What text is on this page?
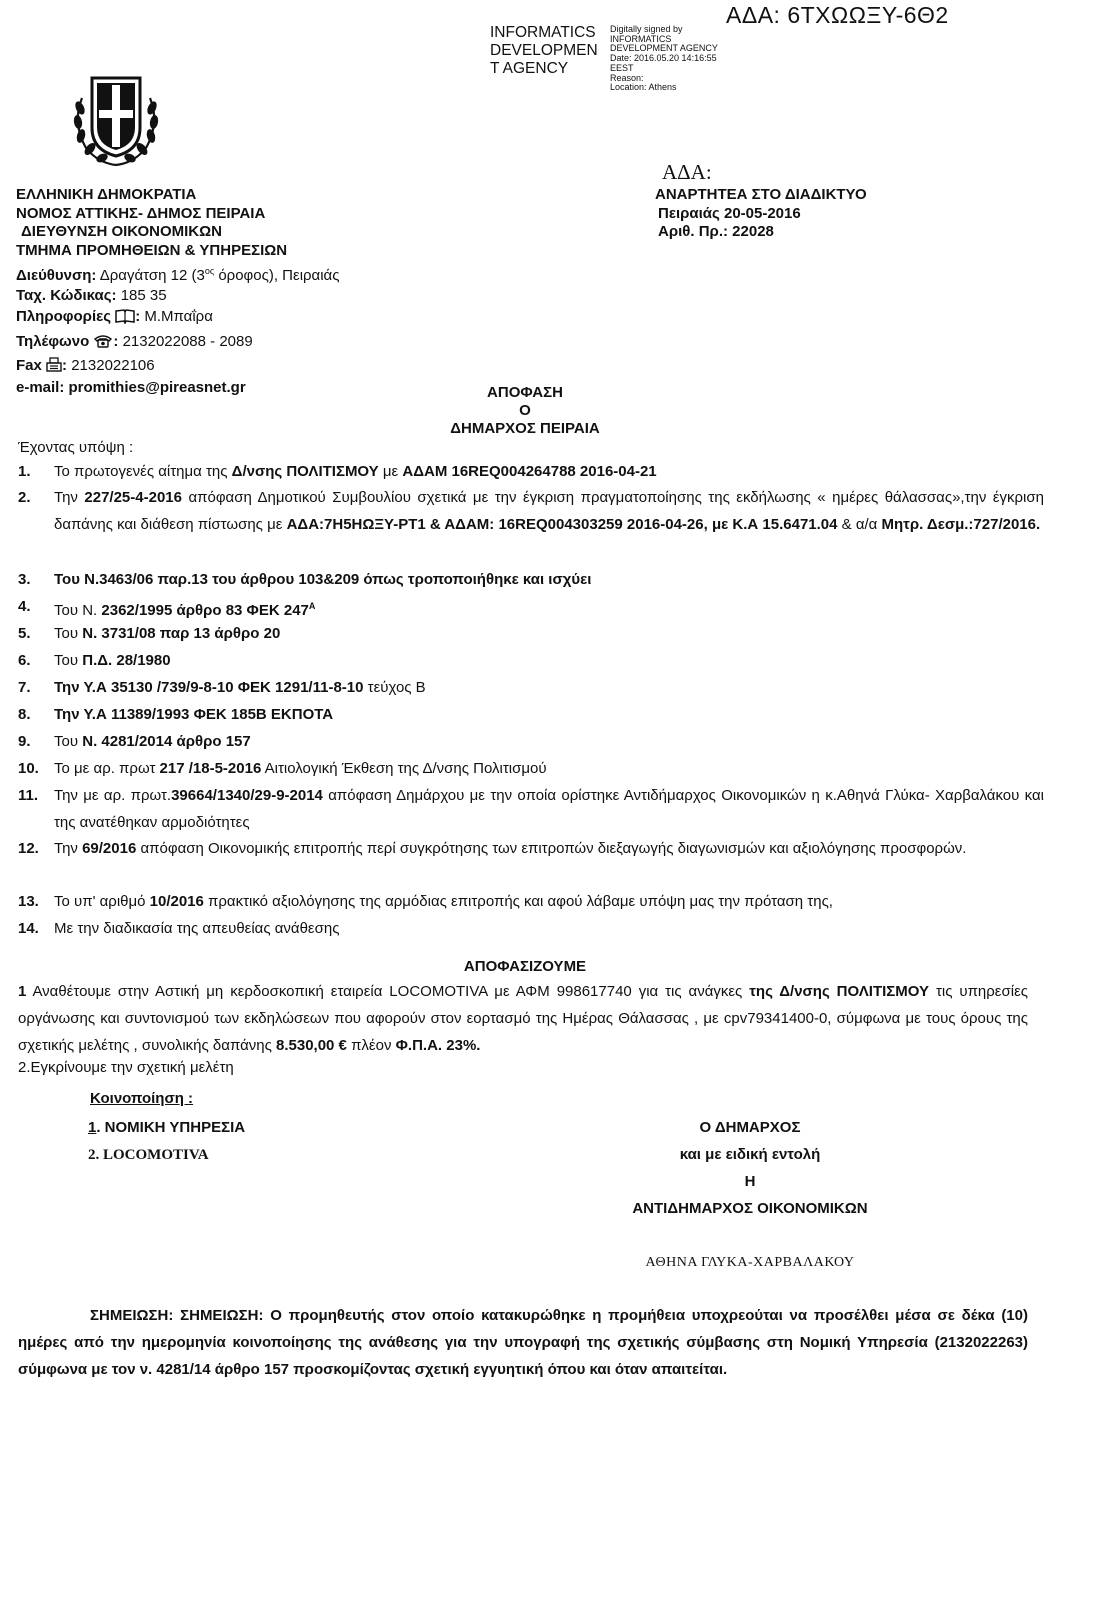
ΑΔΑ: 6ΤΧΩΩΞΥ-6Θ2
INFORMATICS
DEVELOPMEN
T AGENCY
Digitally signed by
INFORMATICS
DEVELOPMENT AGENCY
Date: 2016.05.20 14:16:55
EEST
Reason:
Location: Athens
ΕΛΛΗΝΙΚΗ ΔΗΜΟΚΡΑΤΙΑ
ΝΟΜΟΣ ΑΤΤΙΚΗΣ- ΔΗΜΟΣ ΠΕΙΡΑΙΑ
ΔΙΕΥΘΥΝΣΗ ΟΙΚΟΝΟΜΙΚΩΝ
ΤΜΗΜΑ ΠΡΟΜΗΘΕΙΩΝ & ΥΠΗΡΕΣΙΩΝ
Διεύθυνση: Δραγάτση 12 ($3^{o\varsigma}$ όροφος), Πειραιάς
Ταχ. Κώδικας: 185 35
Πληροφορίες : Μ.Μπαΐρα
Τηλέφωνο : 2132022088 - 2089
Fax : 2132022106
e-mail: promithies@pireasnet.gr
ΑΔΑ:
ΑΝΑΡΤΗΤΕΑ ΣΤΟ ΔΙΑΔΙΚΤΥΟ
Πειραιάς 20-05-2016
Αριθ. Πρ.: 22028
ΑΠΟΦΑΣΗ
Ο
ΔΗΜΑΡΧΟΣ ΠΕΙΡΑΙΑ
Έχοντας υπόψη :
1. Το πρωτογενές αίτημα της Δ/νσης ΠΟΛΙΤΙΣΜΟΥ με ΑΔΑΜ 16REQ004264788 2016-04-21
2. Την 227/25-4-2016 απόφαση Δημοτικού Συμβουλίου σχετικά με την έγκριση πραγματοποίησης της εκδήλωσης « ημέρες θάλασσας»,την έγκριση δαπάνης και διάθεση πίστωσης με ΑΔΑ:7Η5ΗΩΞΥ-ΡΤ1 & ΑΔΑΜ: 16REQ004303259 2016-04-26, με Κ.Α 15.6471.04 & α/α Μητρ. Δεσμ.:727/2016.
3. Του Ν.3463/06 παρ.13 του άρθρου 103&209 όπως τροποποιήθηκε και ισχύει
4. Του Ν. 2362/1995 άρθρο 83 ΦΕΚ $247^A$
5. Του Ν. 3731/08 παρ 13 άρθρο 20
6. Του Π.Δ. 28/1980
7. Την Υ.Α 35130 /739/9-8-10 ΦΕΚ 1291/11-8-10 τεύχος Β
8. Την Υ.Α 11389/1993 ΦΕΚ 185Β ΕΚΠΟΤΑ
9. Του Ν. 4281/2014 άρθρο 157
10. Το με αρ. πρωτ 217 /18-5-2016 Αιτιολογική Έκθεση της Δ/νσης Πολιτισμού
11. Την με αρ. πρωτ.39664/1340/29-9-2014 απόφαση Δημάρχου με την οποία ορίστηκε Αντιδήμαρχος Οικονομικών η κ.Αθηνά Γλύκα- Χαρβαλάκου και της ανατέθηκαν αρμοδιότητες
12. Την 69/2016 απόφαση Οικονομικής επιτροπής περί συγκρότησης των επιτροπών διεξαγωγής διαγωνισμών και αξιολόγησης προσφορών.
13. Το υπ' αριθμό 10/2016 πρακτικό αξιολόγησης της αρμόδιας επιτροπής και αφού λάβαμε υπόψη μας την πρόταση της,
14. Με την διαδικασία της απευθείας ανάθεσης
ΑΠΟΦΑΣΙΖΟΥΜΕ
1 Αναθέτουμε στην Αστική μη κερδοσκοπική εταιρεία LOCOMOTIVA με ΑΦΜ 998617740 για τις ανάγκες της Δ/νσης ΠΟΛΙΤΙΣΜΟΥ τις υπηρεσίες οργάνωσης και συντονισμού των εκδηλώσεων που αφορούν στον εορτασμό της Ημέρας Θάλασσας , με cpv79341400-0, σύμφωνα με τους όρους της σχετικής μελέτης , συνολικής δαπάνης 8.530,00 € πλέον Φ.Π.Α. 23%.
2.Εγκρίνουμε την σχετική μελέτη
Κοινοποίηση :
1. ΝΟΜΙΚΗ ΥΠΗΡΕΣΙΑ
2. LOCOMOTIVA
Ο ΔΗΜΑΡΧΟΣ
και με ειδική εντολή
Η
ΑΝΤΙΔΗΜΑΡΧΟΣ ΟΙΚΟΝΟΜΙΚΩΝ
ΑΘΗΝΑ ΓΛΥΚΑ-ΧΑΡΒΑΛΑΚΟΥ
ΣΗΜΕΙΩΣΗ: ΣΗΜΕΙΩΣΗ: Ο προμηθευτής στον οποίο κατακυρώθηκε η προμήθεια υποχρεούται να προσέλθει μέσα σε δέκα (10) ημέρες από την ημερομηνία κοινοποίησης της ανάθεσης για την υπογραφή της σχετικής σύμβασης στη Νομική Υπηρεσία (2132022263) σύμφωνα με τον ν. 4281/14 άρθρο 157 προσκομίζοντας σχετική εγγυητική όπου και όταν απαιτείται.
